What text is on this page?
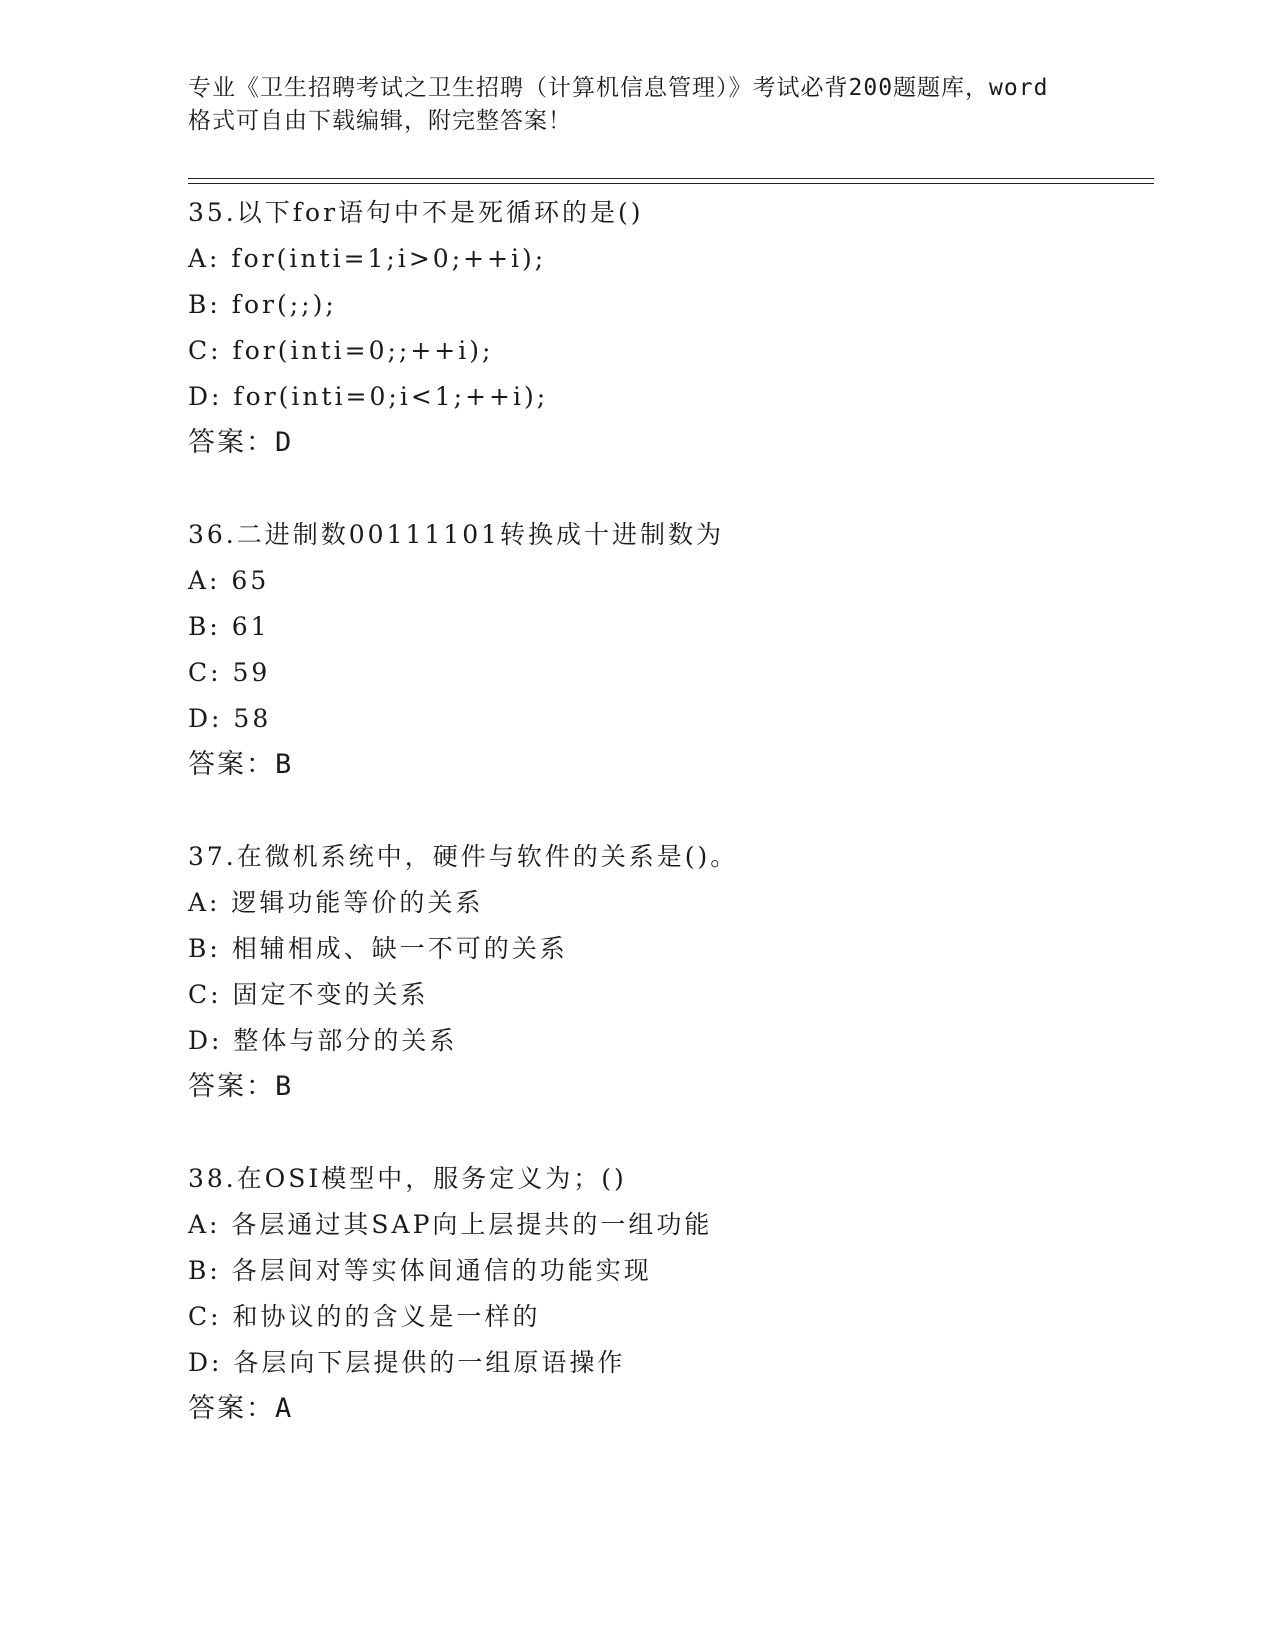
专业《卫生招聘考试之卫生招聘（计算机信息管理）》考试必背200题题库，word

格式可自由下载编辑，附完整答案！

35.以下for语句中不是死循环的是()
A: for(inti=1;i>0;++i);
B: for(;;);
C: for(inti=0;;++i);
D: for(inti=0;i<1;++i);
答案：D
36.二进制数00111101转换成十进制数为
A: 65
B: 61
C: 59
D: 58
答案：B
37.在微机系统中，硬件与软件的关系是()。
A: 逻辑功能等价的关系
B: 相辅相成、缺一不可的关系
C: 固定不变的关系
D: 整体与部分的关系
答案：B
38.在OSI模型中，服务定义为；()
A: 各层通过其SAP向上层提共的一组功能
B: 各层间对等实体间通信的功能实现
C: 和协议的的含义是一样的
D: 各层向下层提供的一组原语操作
答案：A
